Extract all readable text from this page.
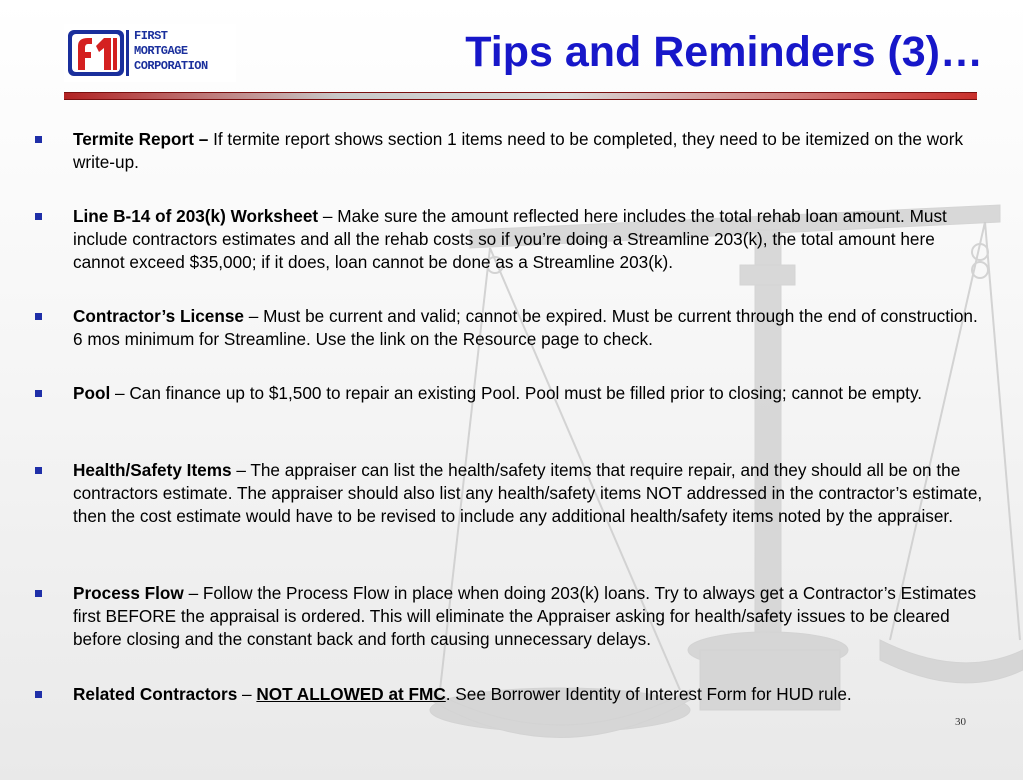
FIRST
MORTGAGE
CORPORATION	Tips and Reminders (3)…
Termite Report – If termite report shows section 1 items need to be completed, they need to be itemized on the work write-up.
Line B-14 of 203(k) Worksheet – Make sure the amount reflected here includes the total rehab loan amount. Must include contractors estimates and all the rehab costs so if you’re doing a Streamline 203(k), the total amount here cannot exceed $35,000; if it does, loan cannot be done as a Streamline 203(k).
Contractor’s License – Must be current and valid; cannot be expired. Must be current through the end of construction. 6 mos minimum for Streamline. Use the link on the Resource page to check.
Pool – Can finance up to $1,500 to repair an existing Pool. Pool must be filled prior to closing; cannot be empty.
Health/Safety Items – The appraiser can list the health/safety items that require repair, and they should all be on the contractors estimate. The appraiser should also list any health/safety items NOT addressed in the contractor’s estimate, then the cost estimate would have to be revised to include any additional health/safety items noted by the appraiser.
Process Flow – Follow the Process Flow in place when doing 203(k) loans. Try to always get a Contractor’s Estimates first BEFORE the appraisal is ordered. This will eliminate the Appraiser asking for health/safety issues to be cleared before closing and the constant back and forth causing unnecessary delays.
Related Contractors – NOT ALLOWED at FMC. See Borrower Identity of Interest Form for HUD rule.
30
